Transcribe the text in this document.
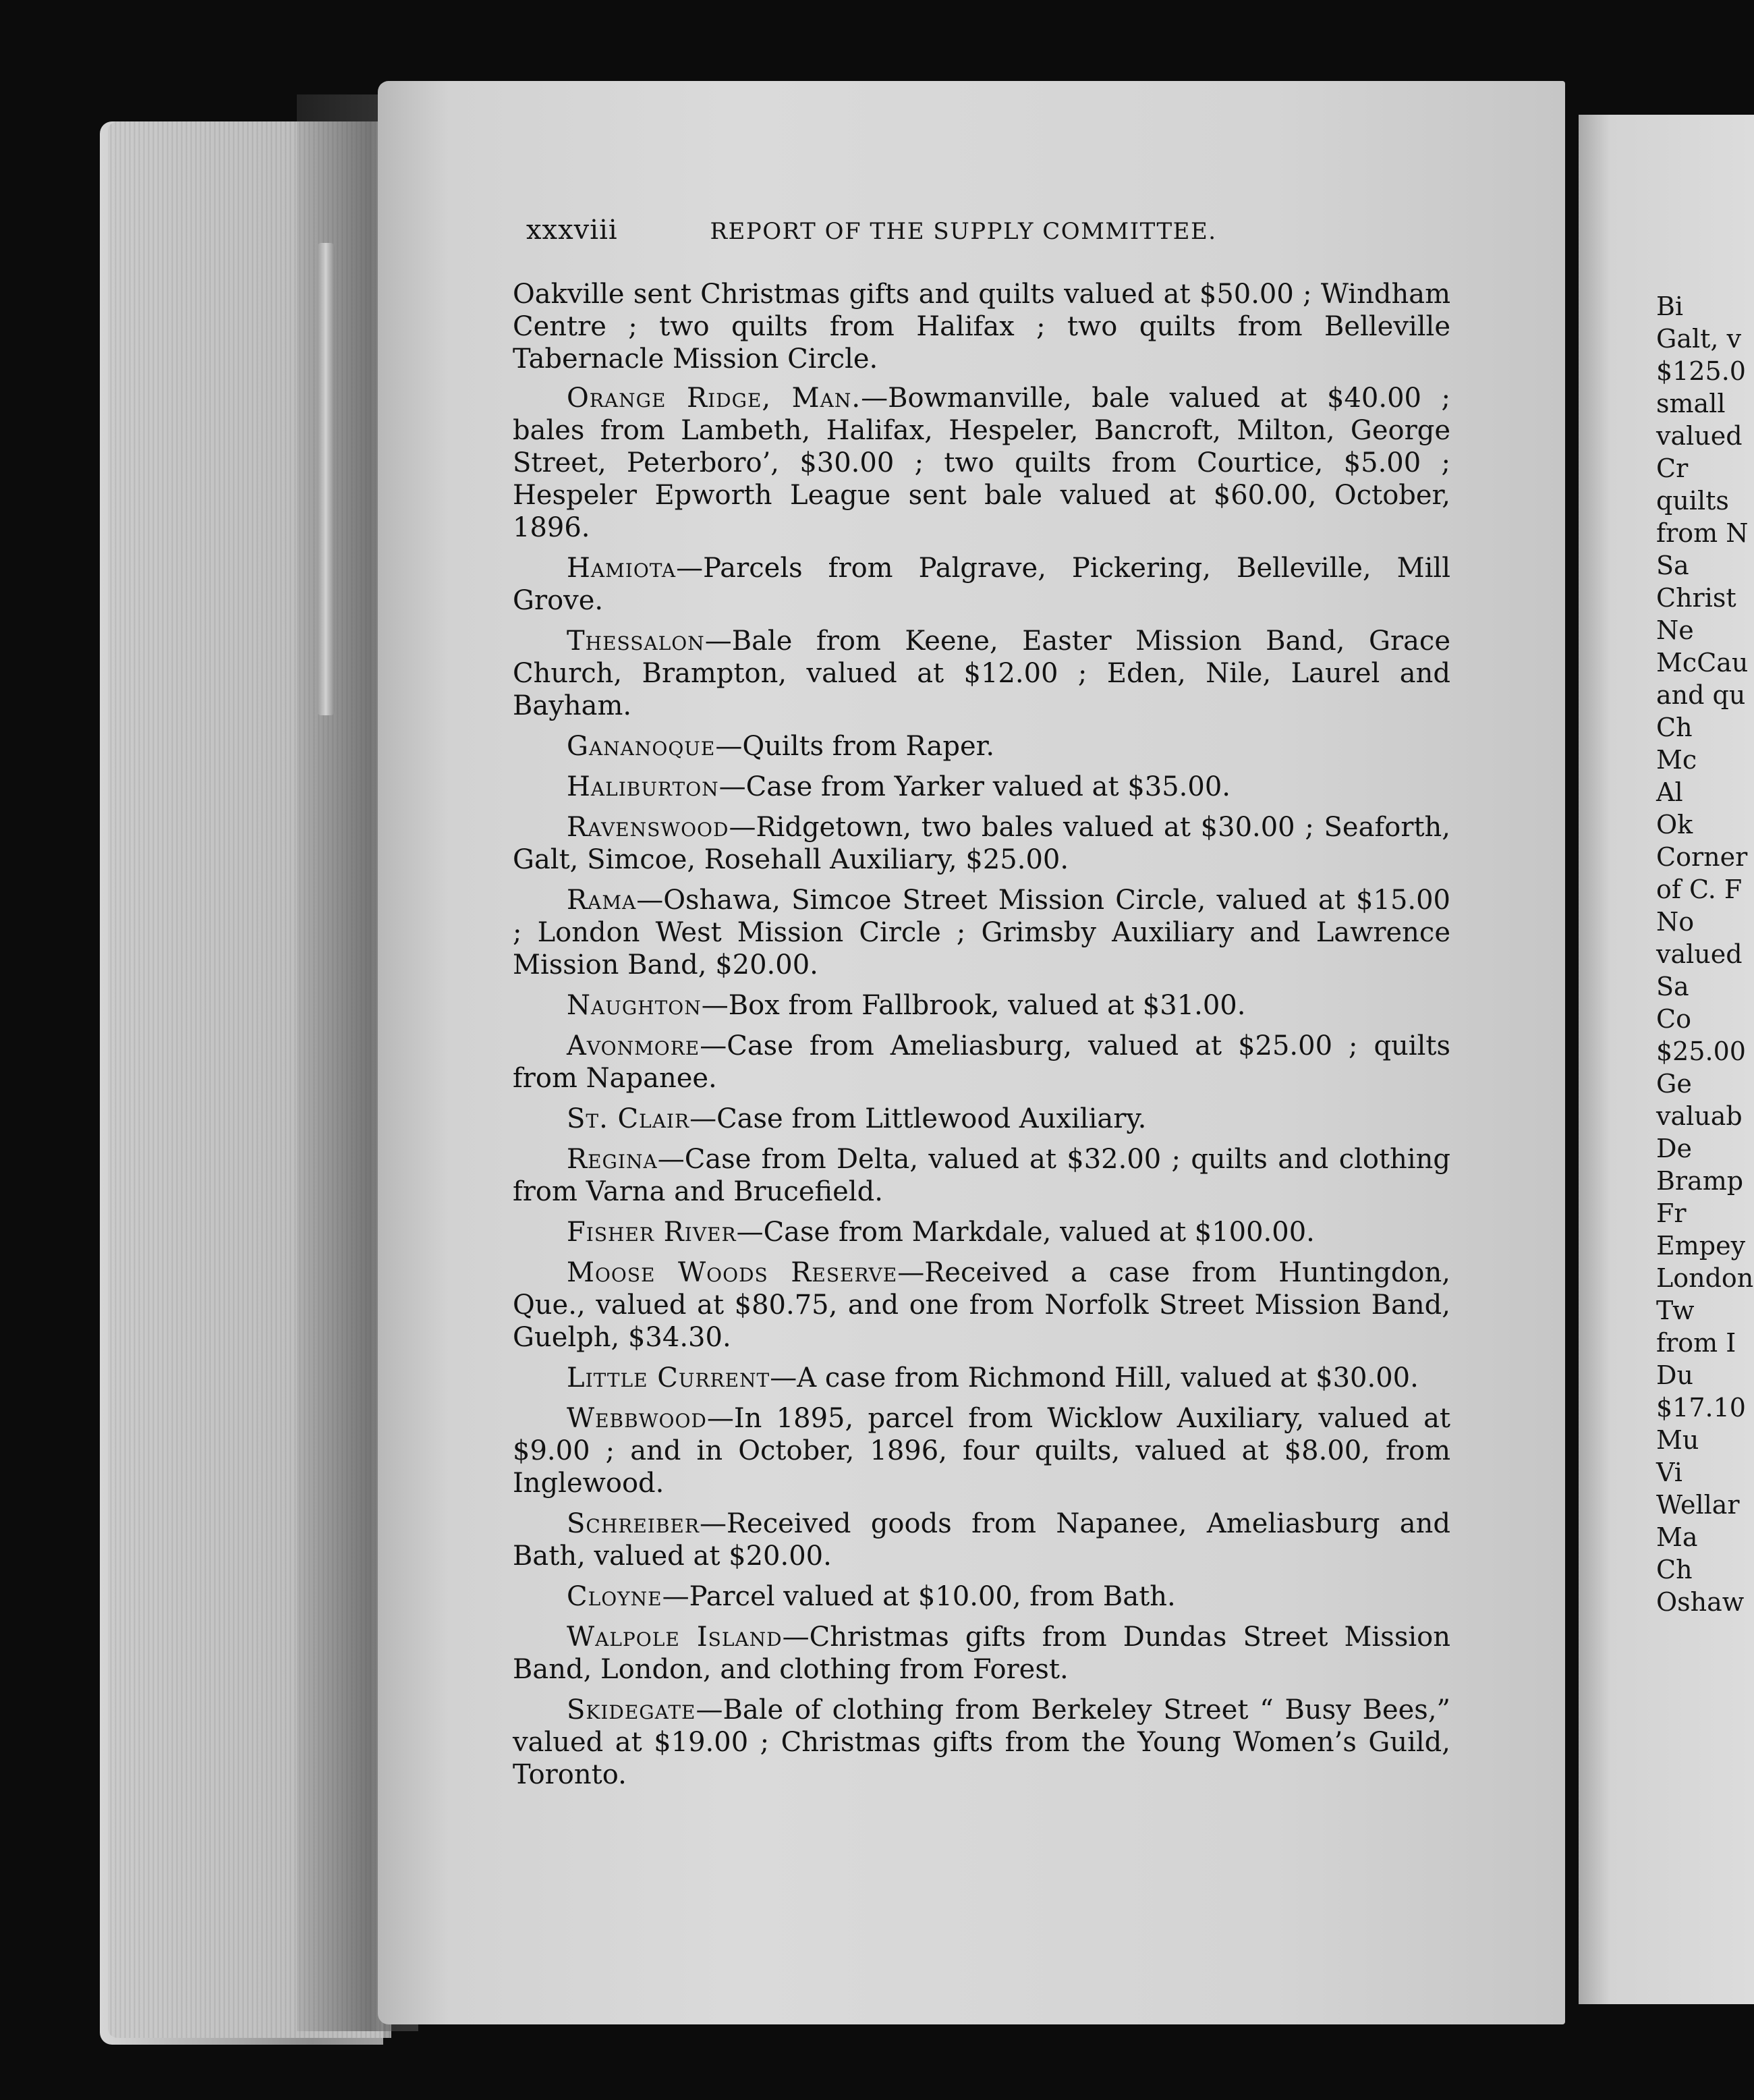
xxxviii	REPORT OF THE SUPPLY COMMITTEE.

Oakville sent Christmas gifts and quilts valued at $50.00 ; Windham Centre ; two quilts from Halifax ; two quilts from Belleville Tabernacle Mission Circle.

Orange Ridge, Man.—Bowmanville, bale valued at $40.00 ; bales from Lambeth, Halifax, Hespeler, Bancroft, Milton, George Street, Peterboro’, $30.00 ; two quilts from Courtice, $5.00 ; Hespeler Epworth League sent bale valued at $60.00, October, 1896.

Hamiota—Parcels from Palgrave, Pickering, Belleville, Mill Grove.

Thessalon—Bale from Keene, Easter Mission Band, Grace Church, Brampton, valued at $12.00 ; Eden, Nile, Laurel and Bayham.

Gananoque—Quilts from Raper.

Haliburton—Case from Yarker valued at $35.00.

Ravenswood—Ridgetown, two bales valued at $30.00 ; Seaforth, Galt, Simcoe, Rosehall Auxiliary, $25.00.

Rama—Oshawa, Simcoe Street Mission Circle, valued at $15.00 ; London West Mission Circle ; Grimsby Auxiliary and Lawrence Mission Band, $20.00.

Naughton—Box from Fallbrook, valued at $31.00.

Avonmore—Case from Ameliasburg, valued at $25.00 ; quilts from Napanee.

St. Clair—Case from Littlewood Auxiliary.

Regina—Case from Delta, valued at $32.00 ; quilts and clothing from Varna and Brucefield.

Fisher River—Case from Markdale, valued at $100.00.

Moose Woods Reserve—Received a case from Huntingdon, Que., valued at $80.75, and one from Norfolk Street Mission Band, Guelph, $34.30.

Little Current—A case from Richmond Hill, valued at $30.00.

Webbwood—In 1895, parcel from Wicklow Auxiliary, valued at $9.00 ; and in October, 1896, four quilts, valued at $8.00, from Inglewood.

Schreiber—Received goods from Napanee, Ameliasburg and Bath, valued at $20.00.

Cloyne—Parcel valued at $10.00, from Bath.

Walpole Island—Christmas gifts from Dundas Street Mission Band, London, and clothing from Forest.

Skidegate—Bale of clothing from Berkeley Street “ Busy Bees,” valued at $19.00 ; Christmas gifts from the Young Women’s Guild, Toronto.

Bi
Galt, v
$125.0
small
valued
Cr
quilts
from N
Sa
Christ
Ne
McCau
and qu
Ch
Mc
Al
Ok
Corner
of C. F
No
valued
Sa
Co
$25.00
Ge
valuab
De
Bramp
Fr
Empey
London
Tw
from I
Du
$17.10
Mu
Vi
Wellar
Ma
Ch
Oshaw
